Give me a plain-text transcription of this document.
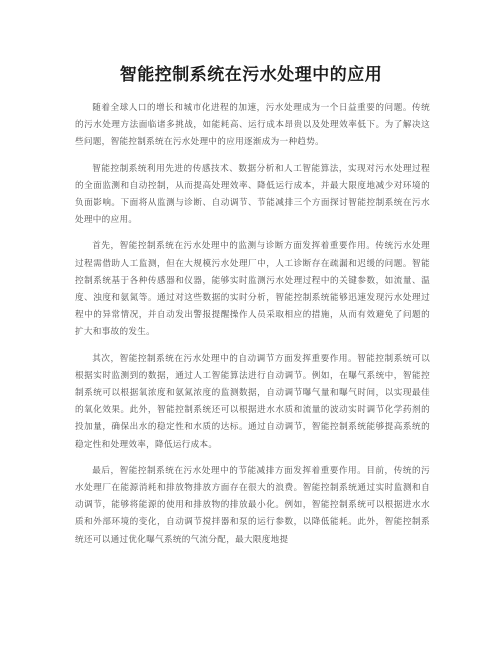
智能控制系统在污水处理中的应用

随着全球人口的增长和城市化进程的加速，污水处理成为一个日益重要的问题。传统的污水处理方法面临诸多挑战，如能耗高、运行成本昂贵以及处理效率低下。为了解决这些问题，智能控制系统在污水处理中的应用逐渐成为一种趋势。

智能控制系统利用先进的传感技术、数据分析和人工智能算法，实现对污水处理过程的全面监测和自动控制，从而提高处理效率、降低运行成本，并最大限度地减少对环境的负面影响。下面将从监测与诊断、自动调节、节能减排三个方面探讨智能控制系统在污水处理中的应用。

首先，智能控制系统在污水处理中的监测与诊断方面发挥着重要作用。传统污水处理过程需借助人工监测，但在大规模污水处理厂中，人工诊断存在疏漏和迟缓的问题。智能控制系统基于各种传感器和仪器，能够实时监测污水处理过程中的关键参数，如流量、温度、浊度和氨氮等。通过对这些数据的实时分析，智能控制系统能够迅速发现污水处理过程中的异常情况，并自动发出警报提醒操作人员采取相应的措施，从而有效避免了问题的扩大和事故的发生。

其次，智能控制系统在污水处理中的自动调节方面发挥重要作用。智能控制系统可以根据实时监测到的数据，通过人工智能算法进行自动调节。例如，在曝气系统中，智能控制系统可以根据氧浓度和氨氮浓度的监测数据，自动调节曝气量和曝气时间，以实现最佳的氧化效果。此外，智能控制系统还可以根据进水水质和流量的波动实时调节化学药剂的投加量，确保出水的稳定性和水质的达标。通过自动调节，智能控制系统能够提高系统的稳定性和处理效率，降低运行成本。

最后，智能控制系统在污水处理中的节能减排方面发挥着重要作用。目前，传统的污水处理厂在能源消耗和排放物排放方面存在很大的浪费。智能控制系统通过实时监测和自动调节，能够将能源的使用和排放物的排放最小化。例如，智能控制系统可以根据进水水质和外部环境的变化，自动调节搅拌器和泵的运行参数，以降低能耗。此外，智能控制系统还可以通过优化曝气系统的气流分配，最大限度地提
